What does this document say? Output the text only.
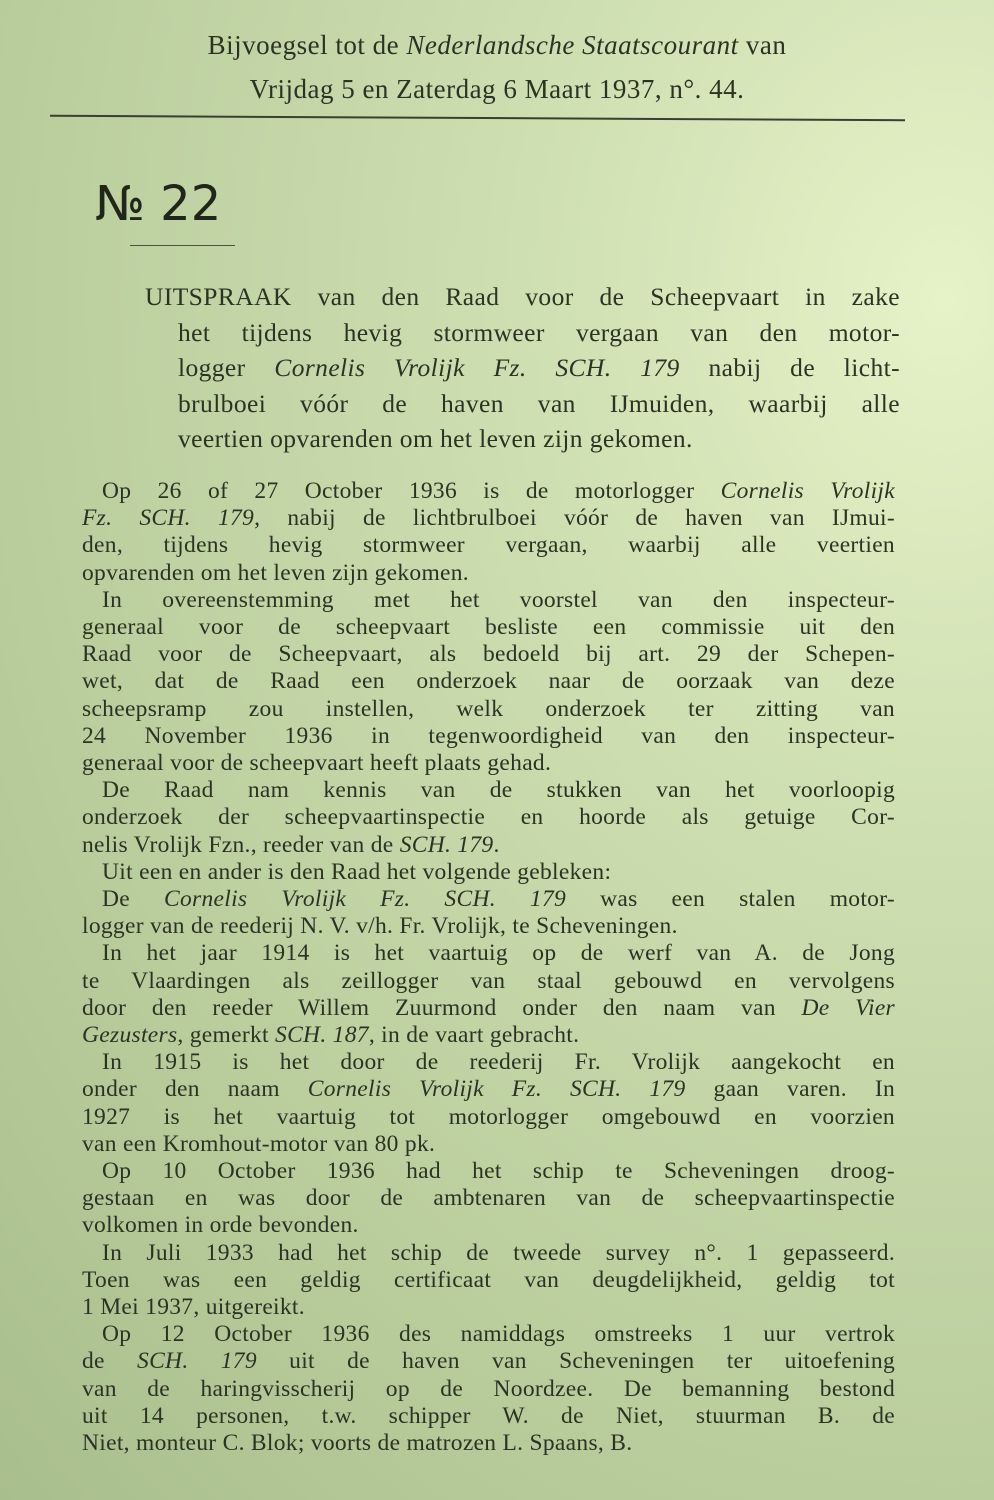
Bijvoegsel tot de Nederlandsche Staatscourant van
Vrijdag 5 en Zaterdag 6 Maart 1937, n°. 44.
№ 22
UITSPRAAK van den Raad voor de Scheepvaart in zake
het tijdens hevig stormweer vergaan van den motor-
logger Cornelis Vrolijk Fz. SCH. 179 nabij de licht-
brulboei vóór de haven van IJmuiden, waarbij alle
veertien opvarenden om het leven zijn gekomen.
Op 26 of 27 October 1936 is de motorlogger Cornelis Vrolijk
Fz. SCH. 179, nabij de lichtbrulboei vóór de haven van IJmui-
den, tijdens hevig stormweer vergaan, waarbij alle veertien
opvarenden om het leven zijn gekomen.
In overeenstemming met het voorstel van den inspecteur-
generaal voor de scheepvaart besliste een commissie uit den
Raad voor de Scheepvaart, als bedoeld bij art. 29 der Schepen-
wet, dat de Raad een onderzoek naar de oorzaak van deze
scheepsramp zou instellen, welk onderzoek ter zitting van
24 November 1936 in tegenwoordigheid van den inspecteur-
generaal voor de scheepvaart heeft plaats gehad.
De Raad nam kennis van de stukken van het voorloopig
onderzoek der scheepvaartinspectie en hoorde als getuige Cor-
nelis Vrolijk Fzn., reeder van de SCH. 179.
Uit een en ander is den Raad het volgende gebleken:
De Cornelis Vrolijk Fz. SCH. 179 was een stalen motor-
logger van de reederij N. V. v/h. Fr. Vrolijk, te Scheveningen.
In het jaar 1914 is het vaartuig op de werf van A. de Jong
te Vlaardingen als zeillogger van staal gebouwd en vervolgens
door den reeder Willem Zuurmond onder den naam van De Vier
Gezusters, gemerkt SCH. 187, in de vaart gebracht.
In 1915 is het door de reederij Fr. Vrolijk aangekocht en
onder den naam Cornelis Vrolijk Fz. SCH. 179 gaan varen. In
1927 is het vaartuig tot motorlogger omgebouwd en voorzien
van een Kromhout-motor van 80 pk.
Op 10 October 1936 had het schip te Scheveningen droog-
gestaan en was door de ambtenaren van de scheepvaartinspectie
volkomen in orde bevonden.
In Juli 1933 had het schip de tweede survey n°. 1 gepasseerd.
Toen was een geldig certificaat van deugdelijkheid, geldig tot
1 Mei 1937, uitgereikt.
Op 12 October 1936 des namiddags omstreeks 1 uur vertrok
de SCH. 179 uit de haven van Scheveningen ter uitoefening
van de haringvisscherij op de Noordzee. De bemanning bestond
uit 14 personen, t.w. schipper W. de Niet, stuurman B. de
Niet, monteur C. Blok; voorts de matrozen L. Spaans, B.
